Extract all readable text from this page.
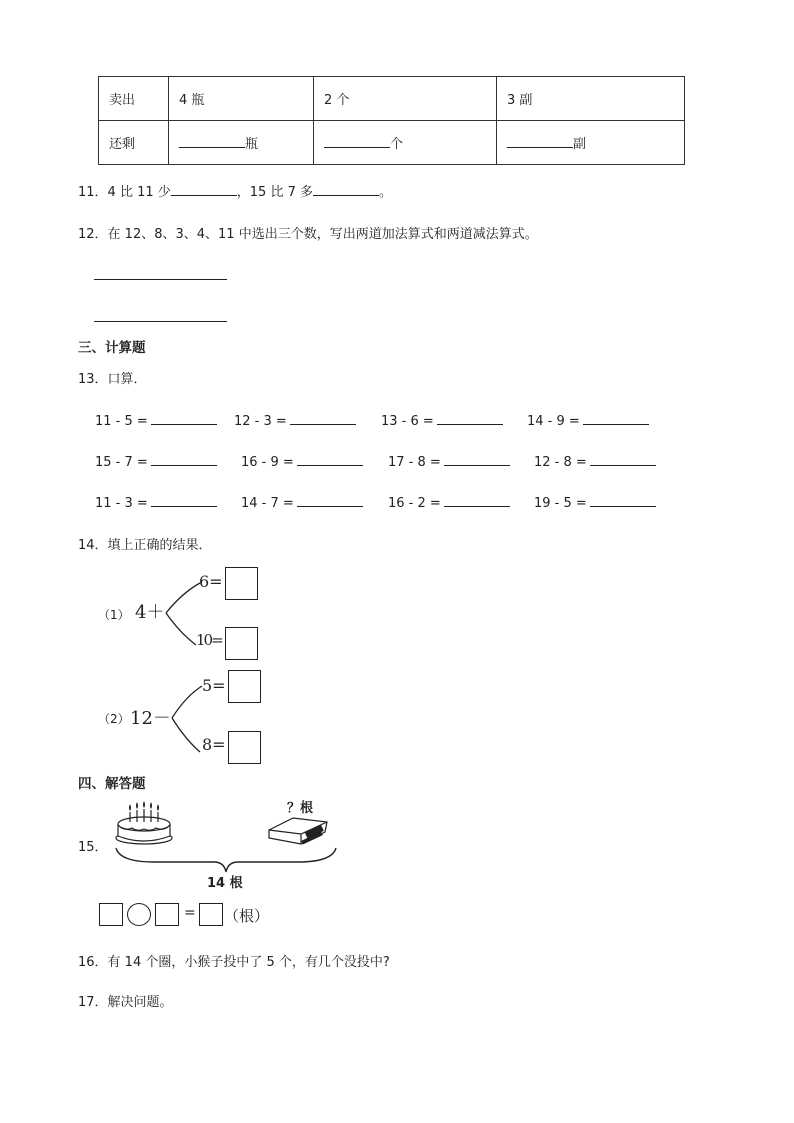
卖出	4 瓶	2 个	3 副
还剩	瓶	个	副
11．4 比 11 少	，15 比 7 多	。
12．在 12、8、3、4、11 中选出三个数，写出两道加法算式和两道减法算式。
三、计算题
13．口算．
11 - 5 =	12 - 3 =	13 - 6 =	14 - 9 =
15 - 7 =	16 - 9 =	17 - 8 =	12 - 8 =
11 - 3 =	14 - 7 =	16 - 2 =	19 - 5 =
14．填上正确的结果．
（1） 4＋
6=
10=
（2） 12－
5=
8=
四、解答题
15．
？根
14 根
= （根）
16．有 14 个圈，小猴子投中了 5 个，有几个没投中?
17．解决问题。
